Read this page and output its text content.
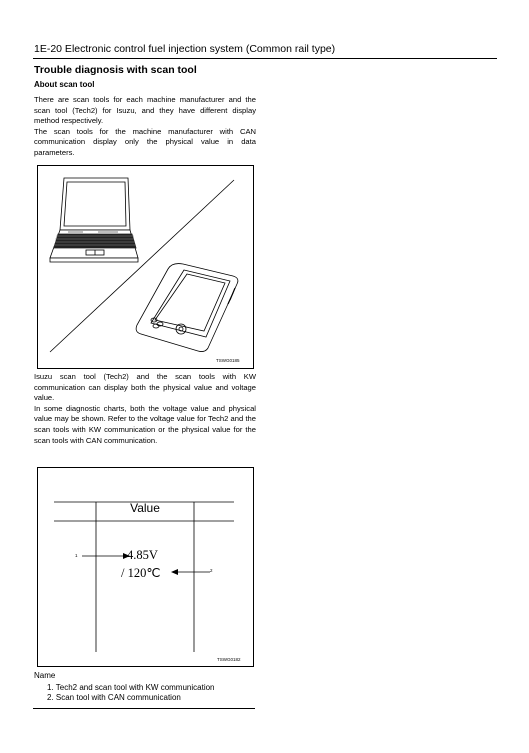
1E-20 Electronic control fuel injection system (Common rail type)
Trouble diagnosis with scan tool
About scan tool
There are scan tools for each machine manufacturer and the scan tool (Tech2) for Isuzu, and they have different display method respectively.
The scan tools for the machine manufacturer with CAN communication display only the physical value in data parameters.
TSWG0185
Isuzu scan tool (Tech2) and the scan tools with KW communication can display both the physical value and voltage value.
In some diagnostic charts, both the voltage value and physical value may be shown. Refer to the voltage value for Tech2 and the scan tools with KW communication or the physical value for the scan tools with CAN communication.
Value
4.85V
/ 120℃
1
2
TSWG0182
Name
1. Tech2 and scan tool with KW communication
2. Scan tool with CAN communication
